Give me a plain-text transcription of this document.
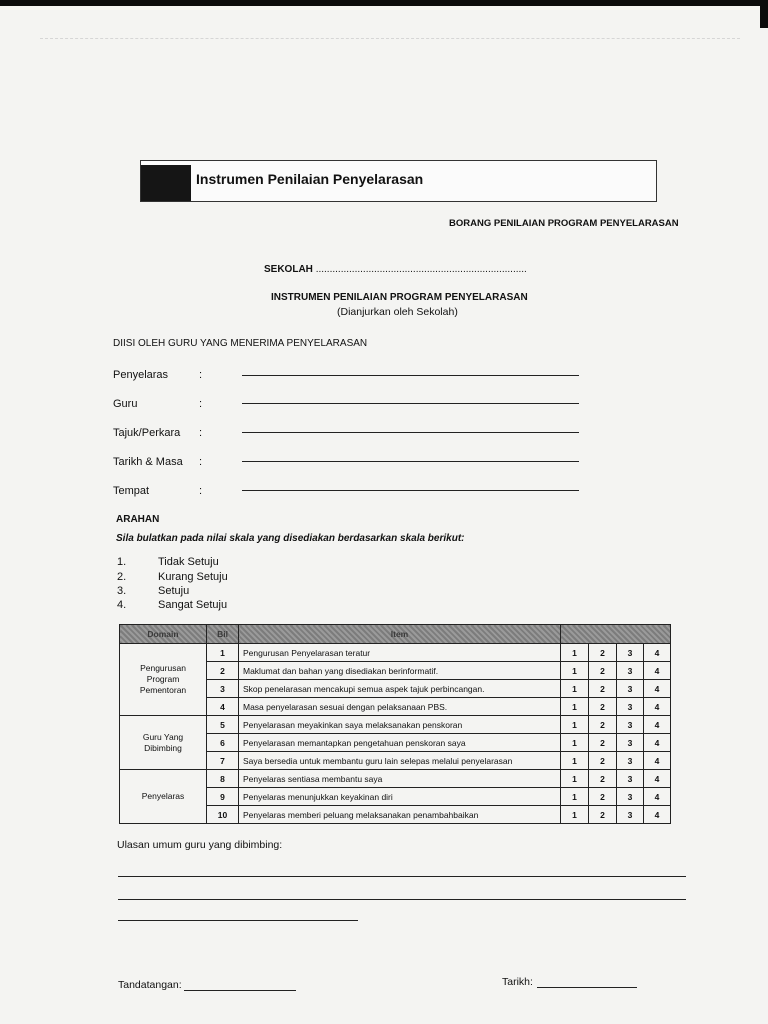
Instrumen Penilaian Penyelarasan
BORANG PENILAIAN PROGRAM PENYELARASAN
SEKOLAH ............................................................................
INSTRUMEN PENILAIAN PROGRAM PENYELARASAN
(Dianjurkan oleh Sekolah)
DIISI OLEH GURU YANG MENERIMA PENYELARASAN
Penyelaras	:
Guru	:
Tajuk/Perkara :
Tarikh & Masa :
Tempat	:
ARAHAN
Sila bulatkan pada nilai skala yang disediakan berdasarkan skala berikut:
1.	Tidak Setuju
2.	Kurang Setuju
3.	Setuju
4.	Sangat Setuju
Domain	Bil	Item				
Pengurusan Program Pementoran	1	Pengurusan Penyelarasan teratur	1	2	3	4
	2	Maklumat dan bahan yang disediakan berinformatif.	1	2	3	4
	3	Skop penelarasan mencakupi semua aspek tajuk perbincangan.	1	2	3	4
	4	Masa penyelarasan sesuai dengan pelaksanaan PBS.	1	2	3	4
Guru Yang Dibimbing	5	Penyelarasan meyakinkan saya melaksanakan penskoran	1	2	3	4
	6	Penyelarasan memantapkan pengetahuan penskoran saya	1	2	3	4
	7	Saya bersedia untuk membantu guru lain selepas melalui penyelarasan	1	2	3	4
Penyelaras	8	Penyelaras sentiasa membantu saya	1	2	3	4
	9	Penyelaras menunjukkan keyakinan diri	1	2	3	4
	10	Penyelaras memberi peluang melaksanakan penambahbaikan	1	2	3	4
Ulasan umum guru yang dibimbing:
Tandatangan:	Tarikh:
